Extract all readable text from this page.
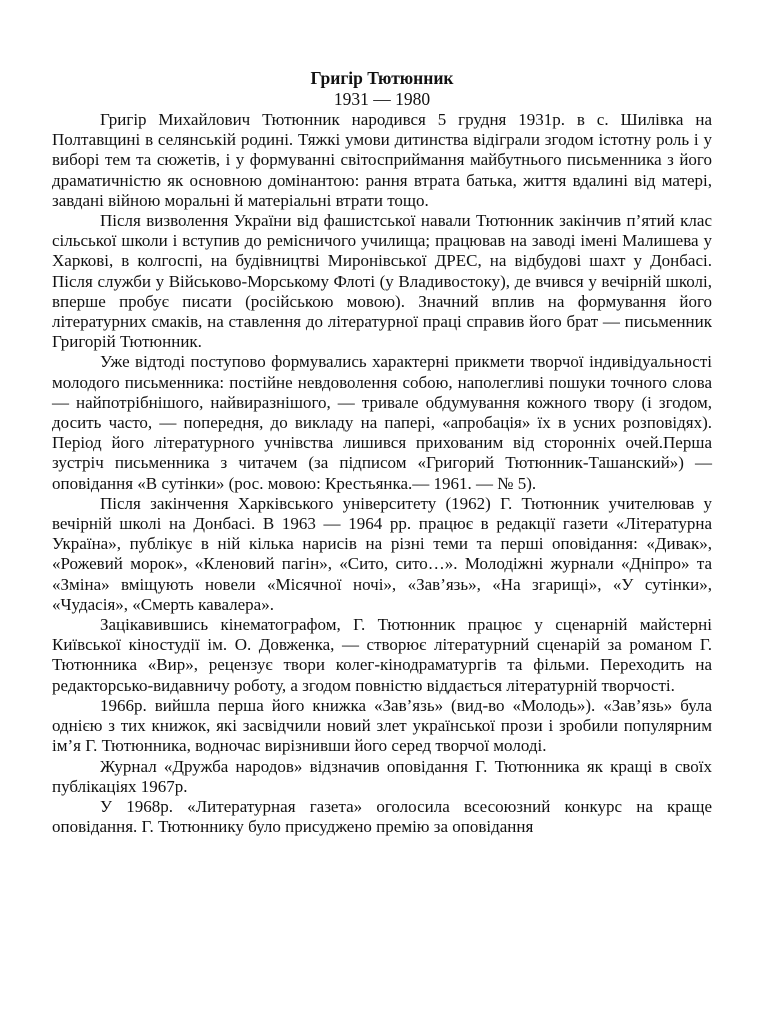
Григір Тютюнник

1931 — 1980

Григір Михайлович Тютюнник народився 5 грудня 1931р. в с. Шилівка на Полтавщині в селянській родині. Тяжкі умови дитинства відіграли згодом істотну роль і у виборі тем та сюжетів, і у формуванні світосприймання майбутнього письменника з його драматичністю як основною домінантою: рання втрата батька, життя вдалині від матері, завдані війною моральні й матеріальні втрати тощо.

Після визволення України від фашистської навали Тютюнник закінчив п’ятий клас сільської школи і вступив до ремісничого училища; працював на заводі імені Малишева у Харкові, в колгоспі, на будівництві Миронівської ДРЕС, на відбудові шахт у Донбасі. Після служби у Військово-Морському Флоті (у Владивостоку), де вчився у вечірній школі, вперше пробує писати (російською мовою). Значний вплив на формування його літературних смаків, на ставлення до літературної праці справив його брат — письменник Григорій Тютюнник.

Уже відтоді поступово формувались характерні прикмети творчої індивідуальності молодого письменника: постійне невдоволення собою, наполегливі пошуки точного слова — найпотрібнішого, найвиразнішого, — тривале обдумування кожного твору (і згодом, досить часто, — попередня, до викладу на папері, «апробація» їх в усних розповідях). Період його літературного учнівства лишився прихованим від сторонніх очей.Перша зустріч письменника з читачем (за підписом «Григорий Тютюнник-Ташанский») — оповідання «В сутінки» (рос. мовою: Крестьянка.— 1961. — № 5).

Після закінчення Харківського університету (1962) Г. Тютюнник учителював у вечірній школі на Донбасі. В 1963 — 1964 рр. працює в редакції газети «Літературна Україна», публікує в ній кілька нарисів на різні теми та перші оповідання: «Дивак», «Рожевий морок», «Кленовий пагін», «Сито, сито…». Молодіжні журнали «Дніпро» та «Зміна» вміщують новели «Місячної ночі», «Зав’язь», «На згарищі», «У сутінки», «Чудасія», «Смерть кавалера».

Зацікавившись кінематографом, Г. Тютюнник працює у сценарній майстерні Київської кіностудії ім. О. Довженка, — створює літературний сценарій за романом Г. Тютюнника «Вир», рецензує твори колег-кінодраматургів та фільми. Переходить на редакторсько-видавничу роботу, а згодом повністю віддається літературній творчості.

1966р. вийшла перша його книжка «Зав’язь» (вид-во «Молодь»). «Зав’язь» була однією з тих книжок, які засвідчили новий злет української прози і зробили популярним ім’я Г. Тютюнника, водночас вирізнивши його серед творчої молоді.

Журнал «Дружба народов» відзначив оповідання Г. Тютюнника як кращі в своїх публікаціях 1967р.

У 1968р. «Литературная газета» оголосила всесоюзний конкурс на краще оповідання. Г. Тютюннику було присуджено премію за оповідання
